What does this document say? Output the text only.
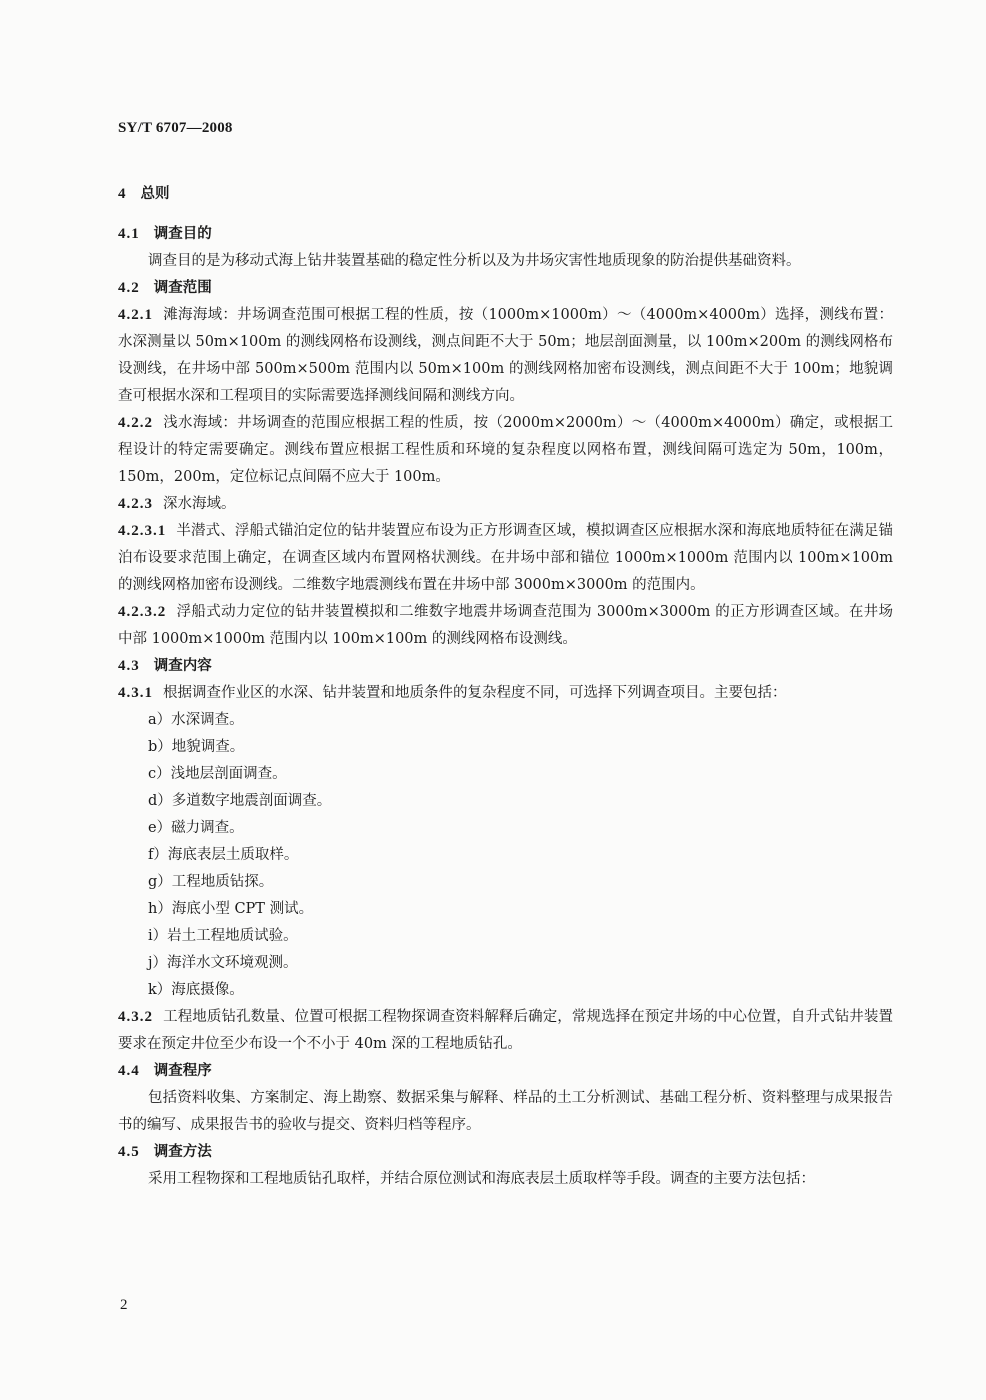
SY/T 6707—2008
4 总则
4.1 调查目的
调查目的是为移动式海上钻井装置基础的稳定性分析以及为井场灾害性地质现象的防治提供基础资料。
4.2 调查范围
4.2.1 滩海海域：井场调查范围可根据工程的性质，按（1000m×1000m）～（4000m×4000m）选择，测线布置：水深测量以 50m×100m 的测线网格布设测线，测点间距不大于 50m；地层剖面测量，以 100m×200m 的测线网格布设测线，在井场中部 500m×500m 范围内以 50m×100m 的测线网格加密布设测线，测点间距不大于 100m；地貌调查可根据水深和工程项目的实际需要选择测线间隔和测线方向。
4.2.2 浅水海域：井场调查的范围应根据工程的性质，按（2000m×2000m）～（4000m×4000m）确定，或根据工程设计的特定需要确定。测线布置应根据工程性质和环境的复杂程度以网格布置，测线间隔可选定为 50m，100m，150m，200m，定位标记点间隔不应大于 100m。
4.2.3 深水海域。
4.2.3.1 半潜式、浮船式锚泊定位的钻井装置应布设为正方形调查区域，模拟调查区应根据水深和海底地质特征在满足锚泊布设要求范围上确定，在调查区域内布置网格状测线。在井场中部和锚位 1000m×1000m 范围内以 100m×100m 的测线网格加密布设测线。二维数字地震测线布置在井场中部 3000m×3000m 的范围内。
4.2.3.2 浮船式动力定位的钻井装置模拟和二维数字地震井场调查范围为 3000m×3000m 的正方形调查区域。在井场中部 1000m×1000m 范围内以 100m×100m 的测线网格布设测线。
4.3 调查内容
4.3.1 根据调查作业区的水深、钻井装置和地质条件的复杂程度不同，可选择下列调查项目。主要包括：
a）水深调查。
b）地貌调查。
c）浅地层剖面调查。
d）多道数字地震剖面调查。
e）磁力调查。
f）海底表层土质取样。
g）工程地质钻探。
h）海底小型 CPT 测试。
i）岩土工程地质试验。
j）海洋水文环境观测。
k）海底摄像。
4.3.2 工程地质钻孔数量、位置可根据工程物探调查资料解释后确定，常规选择在预定井场的中心位置，自升式钻井装置要求在预定井位至少布设一个不小于 40m 深的工程地质钻孔。
4.4 调查程序
包括资料收集、方案制定、海上勘察、数据采集与解释、样品的土工分析测试、基础工程分析、资料整理与成果报告书的编写、成果报告书的验收与提交、资料归档等程序。
4.5 调查方法
采用工程物探和工程地质钻孔取样，并结合原位测试和海底表层土质取样等手段。调查的主要方法包括：
2
